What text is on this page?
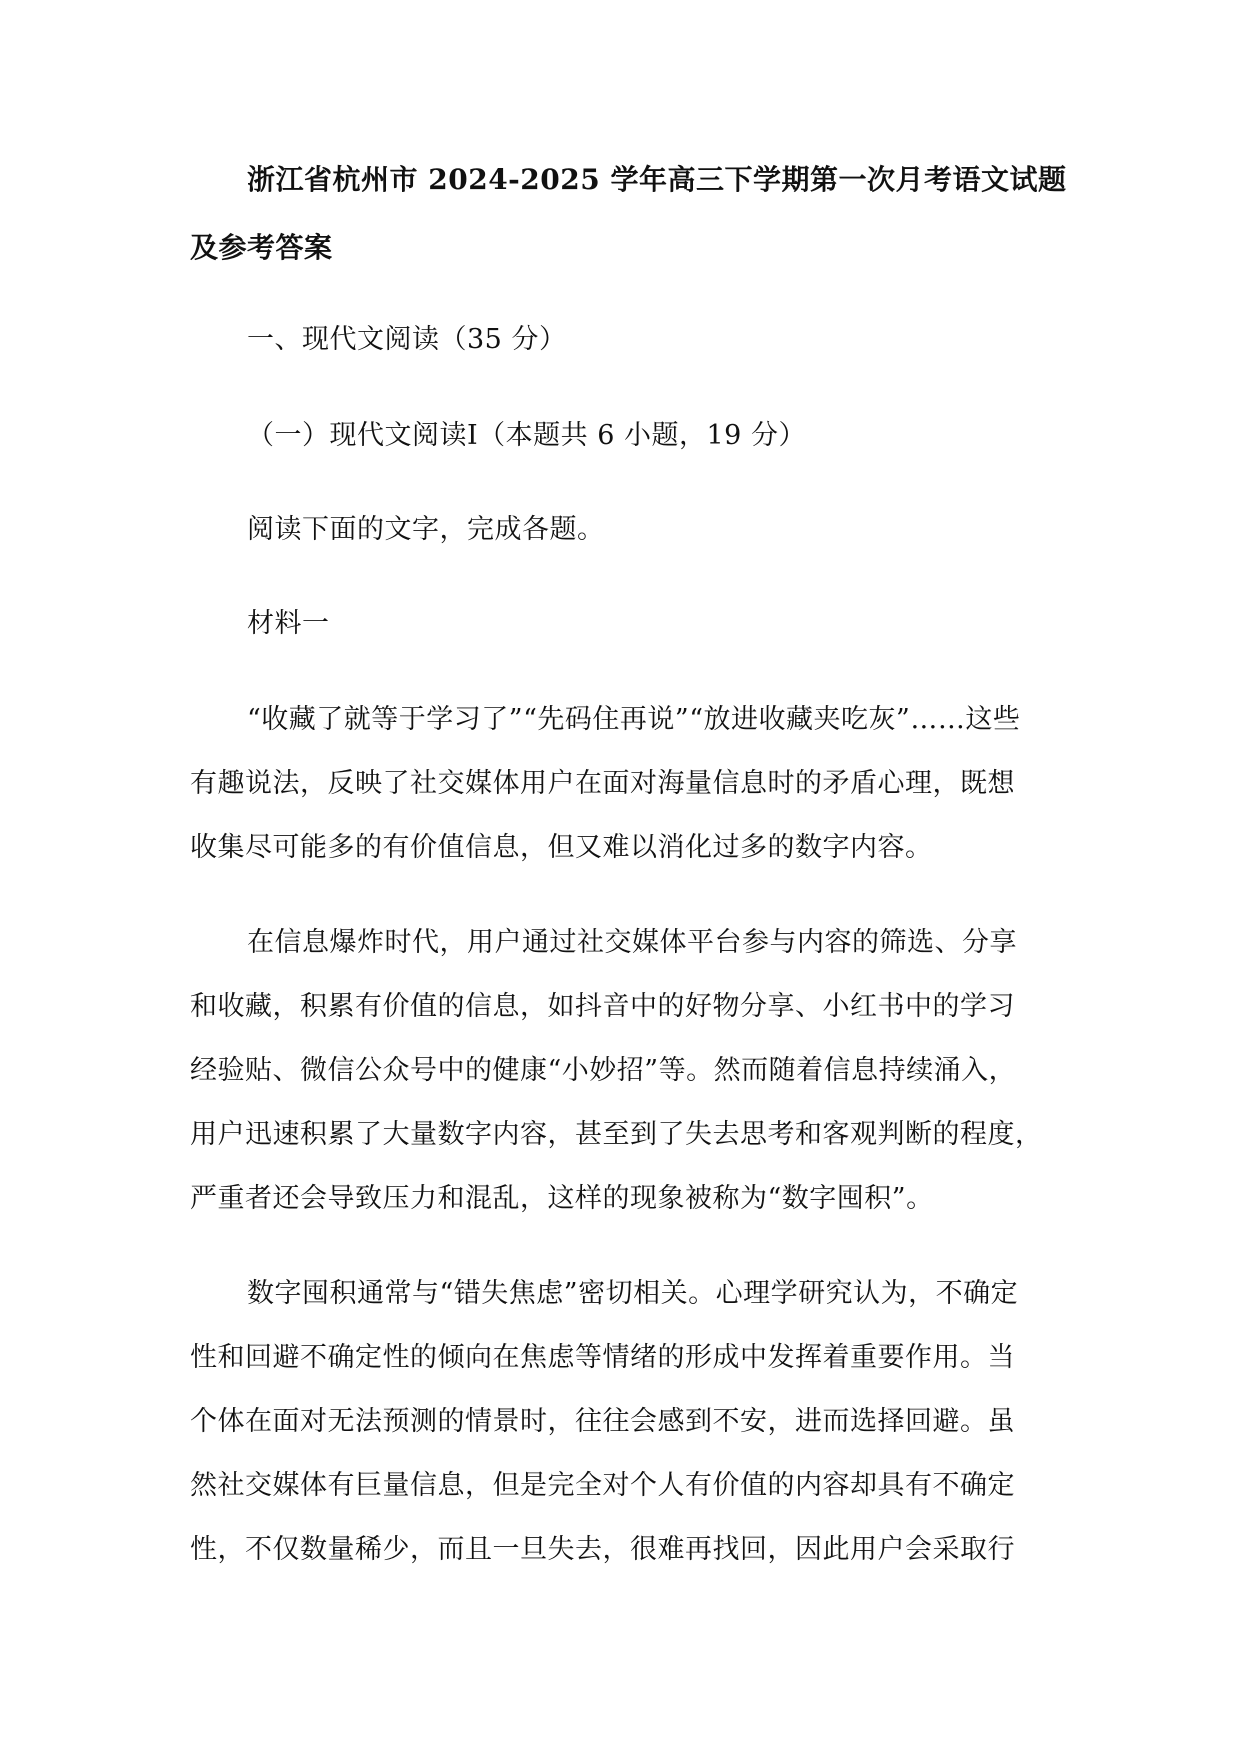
浙江省杭州市 2024-2025 学年高三下学期第一次月考语文试题
及参考答案
一、现代文阅读（35 分）
（一）现代文阅读Ⅰ（本题共 6 小题，19 分）
阅读下面的文字，完成各题。
材料一
“收藏了就等于学习了”“先码住再说”“放进收藏夹吃灰”……这些
有趣说法，反映了社交媒体用户在面对海量信息时的矛盾心理，既想
收集尽可能多的有价值信息，但又难以消化过多的数字内容。
在信息爆炸时代，用户通过社交媒体平台参与内容的筛选、分享
和收藏，积累有价值的信息，如抖音中的好物分享、小红书中的学习
经验贴、微信公众号中的健康“小妙招”等。然而随着信息持续涌入，
用户迅速积累了大量数字内容，甚至到了失去思考和客观判断的程度，
严重者还会导致压力和混乱，这样的现象被称为“数字囤积”。
数字囤积通常与“错失焦虑”密切相关。心理学研究认为，不确定
性和回避不确定性的倾向在焦虑等情绪的形成中发挥着重要作用。当
个体在面对无法预测的情景时，往往会感到不安，进而选择回避。虽
然社交媒体有巨量信息，但是完全对个人有价值的内容却具有不确定
性，不仅数量稀少，而且一旦失去，很难再找回，因此用户会采取行
